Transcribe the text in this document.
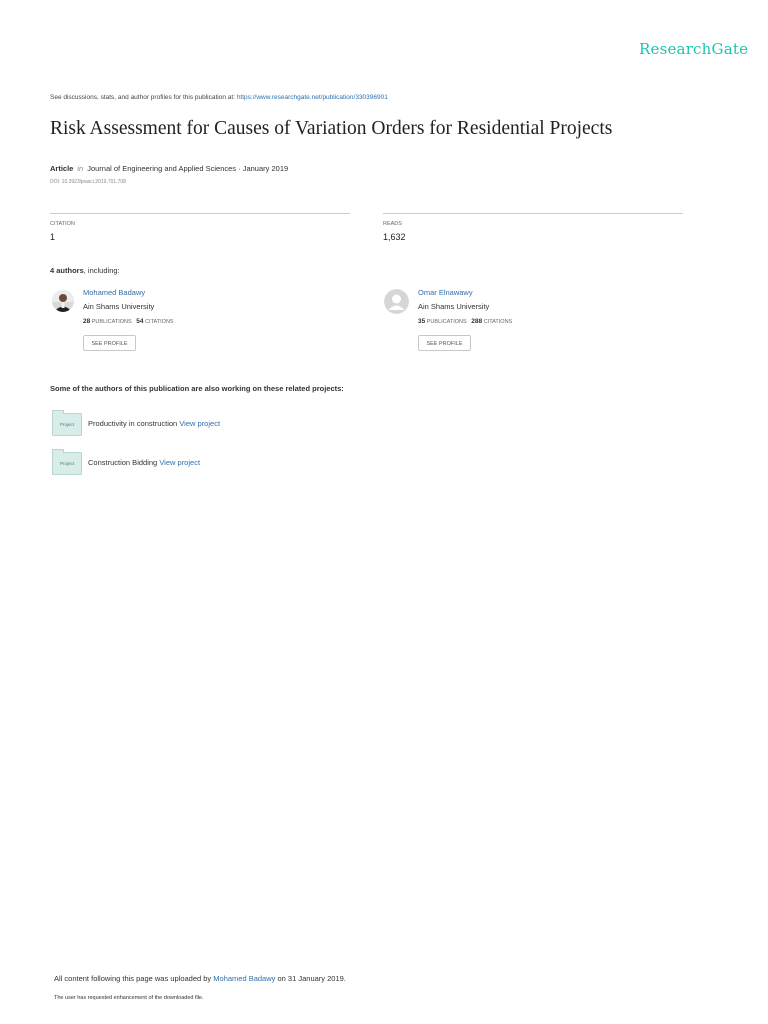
ResearchGate
See discussions, stats, and author profiles for this publication at: https://www.researchgate.net/publication/330396901
Risk Assessment for Causes of Variation Orders for Residential Projects
Article in Journal of Engineering and Applied Sciences · January 2019
DOI: 10.3923/jeasci.2019.701.708
CITATION
1
READS
1,632
4 authors, including:
Mohamed Badawy
Ain Shams University
28 PUBLICATIONS 54 CITATIONS
SEE PROFILE
Omar Elnawawy
Ain Shams University
35 PUBLICATIONS 288 CITATIONS
SEE PROFILE
Some of the authors of this publication are also working on these related projects:
Project	Productivity in construction View project
Project	Construction Bidding View project
All content following this page was uploaded by Mohamed Badawy on 31 January 2019.
The user has requested enhancement of the downloaded file.
